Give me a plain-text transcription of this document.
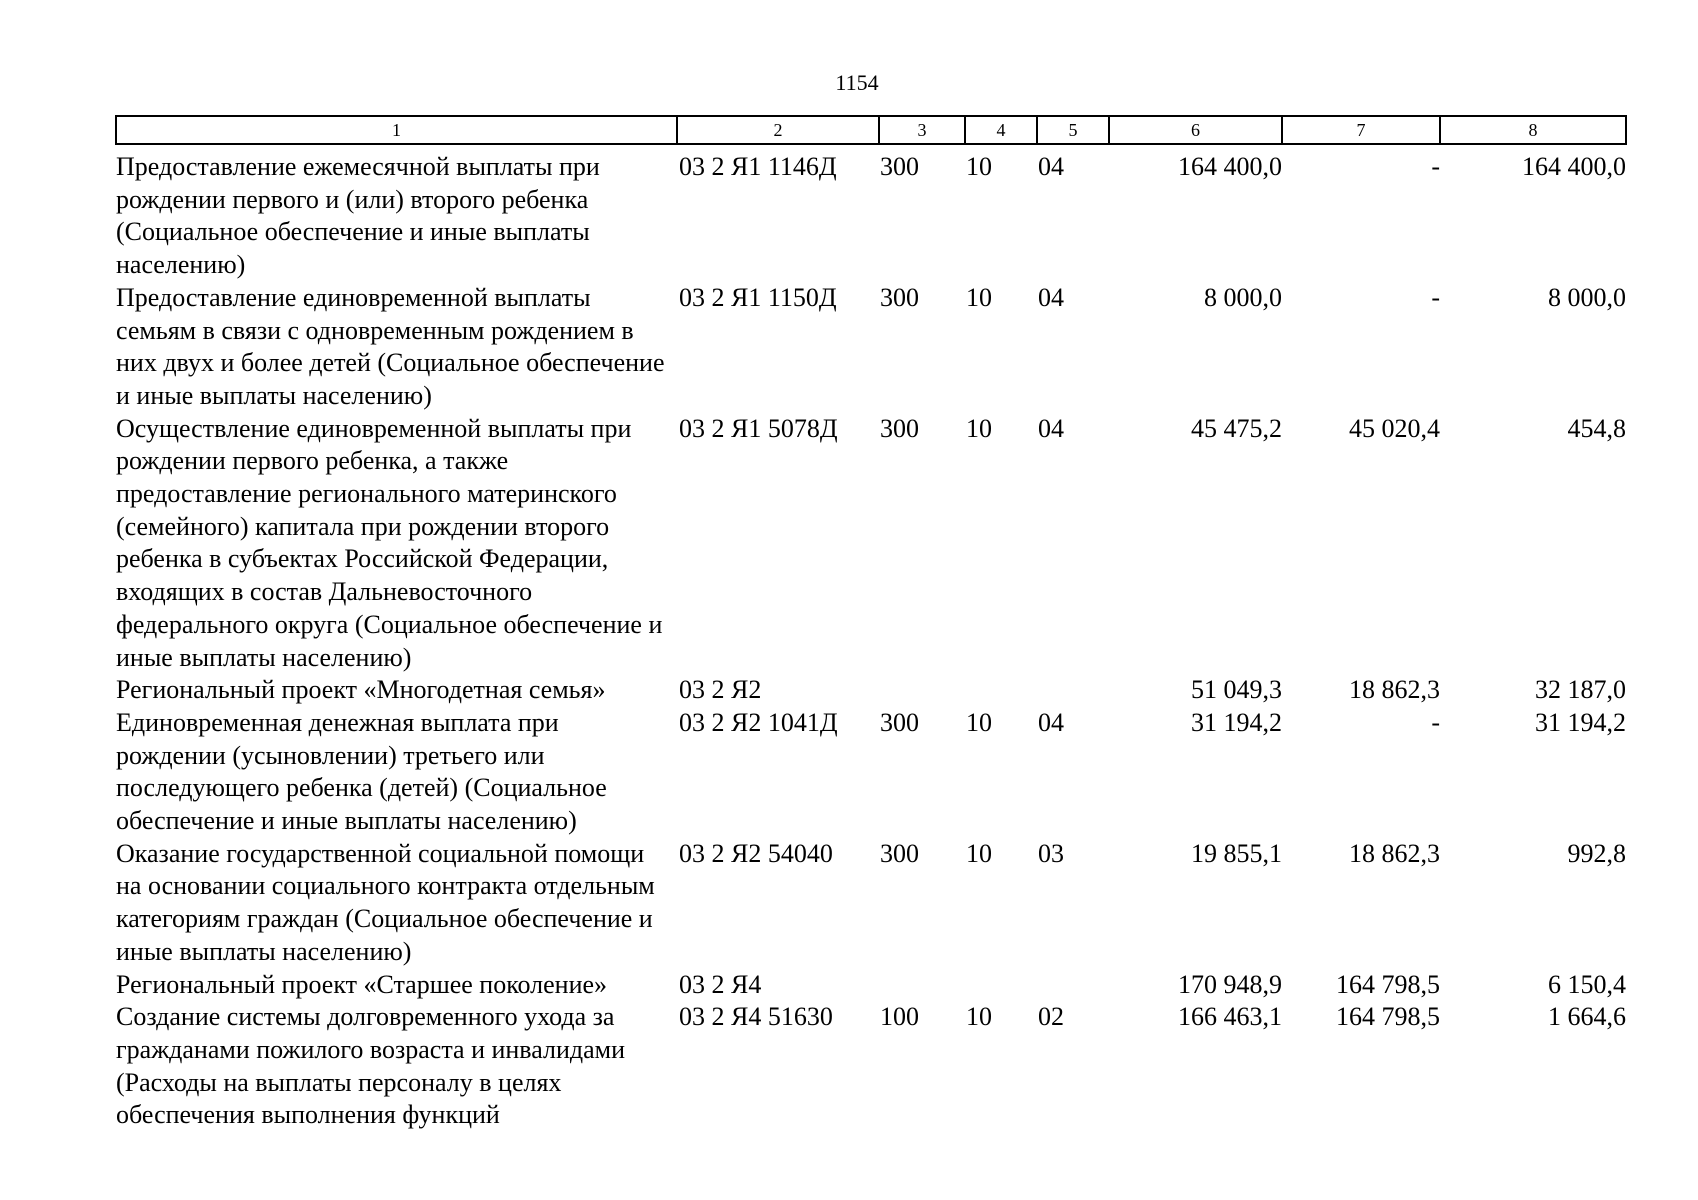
1154
1	2	3	4	5	6	7	8
Предоставление ежемесячной выплаты при рождении первого и (или) второго ребенка (Социальное обеспечение и иные выплаты населению)	03 2 Я1 1146Д	300	10	04	164 400,0	-	164 400,0
Предоставление единовременной выплаты семьям в связи с одновременным рождением в них двух и более детей (Социальное обеспечение и иные выплаты населению)	03 2 Я1 1150Д	300	10	04	8 000,0	-	8 000,0
Осуществление единовременной выплаты при рождении первого ребенка, а также предоставление регионального материнского (семейного) капитала при рождении второго ребенка в субъектах Российской Федерации, входящих в состав Дальневосточного федерального округа (Социальное обеспечение и иные выплаты населению)	03 2 Я1 5078Д	300	10	04	45 475,2	45 020,4	454,8
Региональный проект «Многодетная семья»	03 2 Я2				51 049,3	18 862,3	32 187,0
Единовременная денежная выплата при рождении (усыновлении) третьего или последующего ребенка (детей) (Социальное обеспечение и иные выплаты населению)	03 2 Я2 1041Д	300	10	04	31 194,2	-	31 194,2
Оказание государственной социальной помощи на основании социального контракта отдельным категориям граждан (Социальное обеспечение и иные выплаты населению)	03 2 Я2 54040	300	10	03	19 855,1	18 862,3	992,8
Региональный проект «Старшее поколение»	03 2 Я4				170 948,9	164 798,5	6 150,4
Создание системы долговременного ухода за гражданами пожилого возраста и инвалидами (Расходы на выплаты персоналу в целях обеспечения выполнения функций	03 2 Я4 51630	100	10	02	166 463,1	164 798,5	1 664,6
